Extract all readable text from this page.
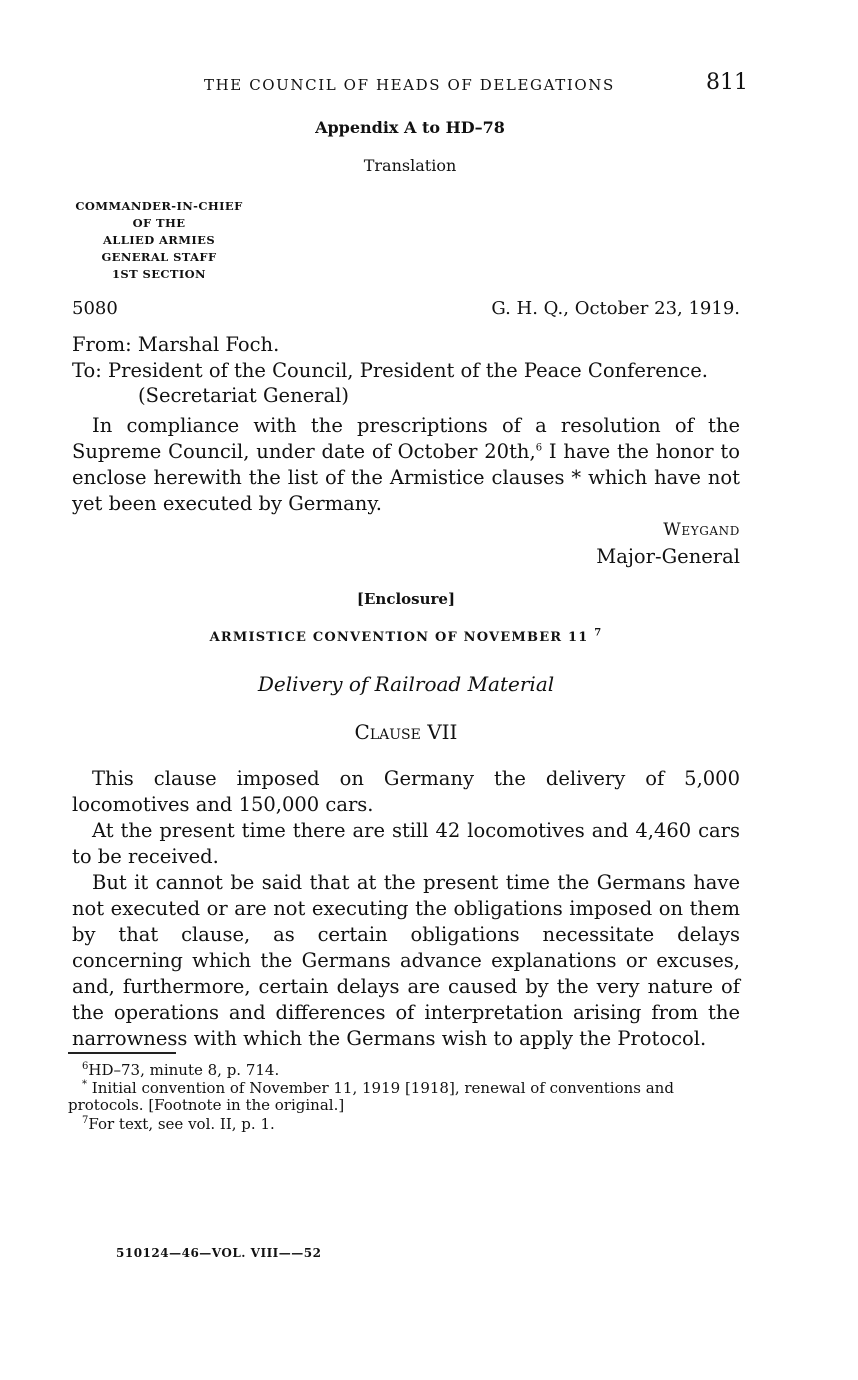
THE COUNCIL OF HEADS OF DELEGATIONS	811
Appendix A to HD–78
Translation
COMMANDER-IN-CHIEF
OF THE
ALLIED ARMIES
GENERAL STAFF
1ST SECTION
5080	G. H. Q., October 23, 1919.
From: Marshal Foch.
To: President of the Council, President of the Peace Conference.
(Secretariat General)
In compliance with the prescriptions of a resolution of the Supreme Council, under date of October 20th,$^6$ I have the honor to enclose herewith the list of the Armistice clauses * which have not yet been executed by Germany.
Weygand
Major-General
[Enclosure]
ARMISTICE CONVENTION OF NOVEMBER 11 $^7$
Delivery of Railroad Material
Clause VII
This clause imposed on Germany the delivery of 5,000 locomotives and 150,000 cars.
At the present time there are still 42 locomotives and 4,460 cars to be received.
But it cannot be said that at the present time the Germans have not executed or are not executing the obligations imposed on them by that clause, as certain obligations necessitate delays concerning which the Germans advance explanations or excuses, and, furthermore, certain delays are caused by the very nature of the operations and differences of interpretation arising from the narrowness with which the Germans wish to apply the Protocol.
$^6$HD–73, minute 8, p. 714.
* Initial convention of November 11, 1919 [1918], renewal of conventions and protocols. [Footnote in the original.]
$^7$For text, see vol. II, p. 1.
510124—46—VOL. VIII——52
